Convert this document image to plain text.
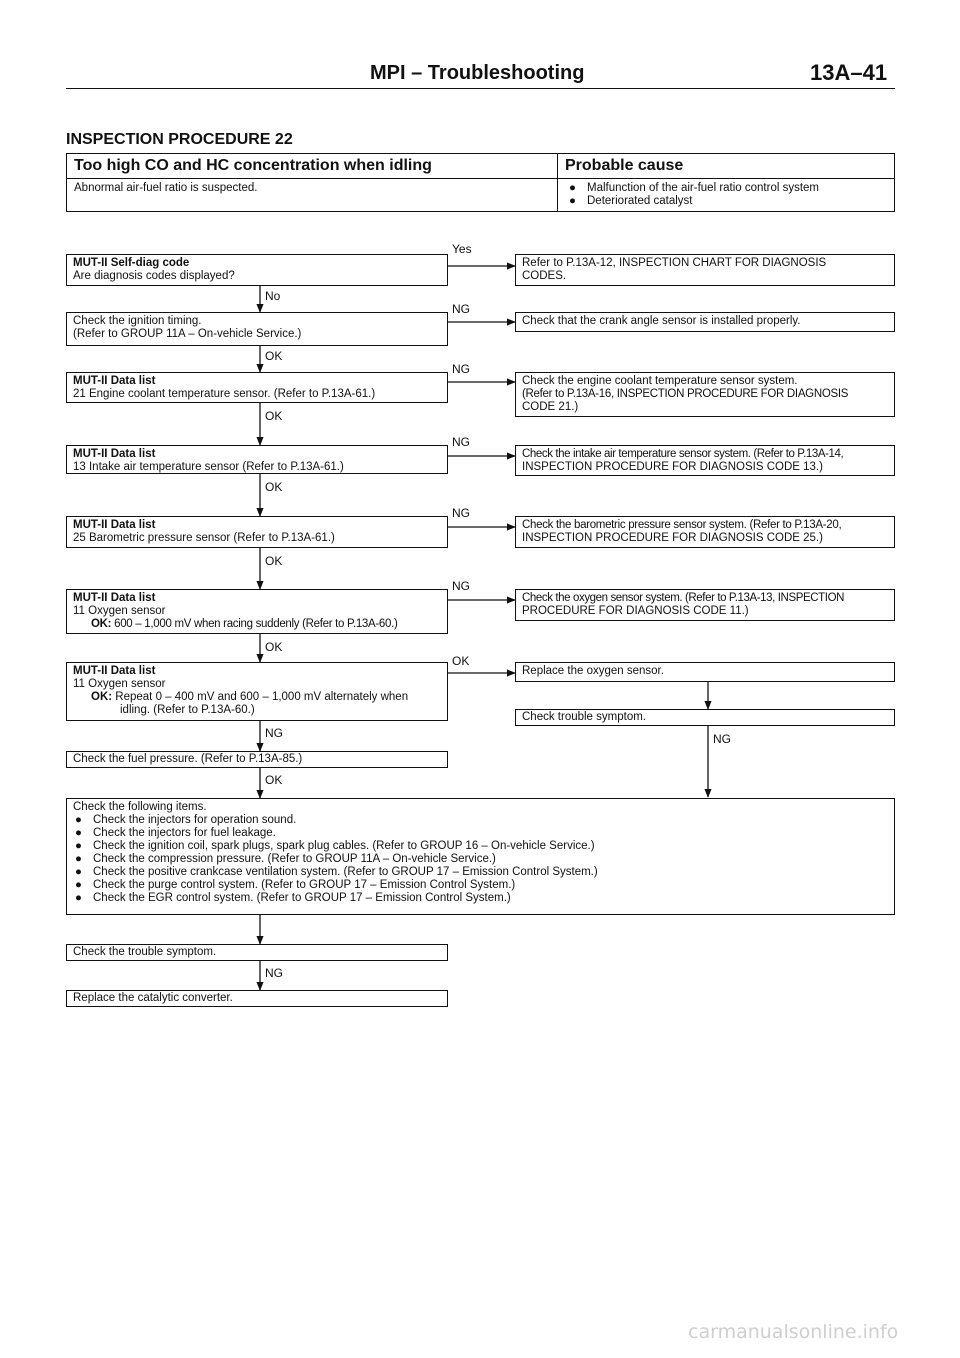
MPI – Troubleshooting	13A–41
INSPECTION PROCEDURE 22
Too high CO and HC concentration when idling	Probable cause
Abnormal air-fuel ratio is suspected.	● Malfunction of the air-fuel ratio control system
● Deteriorated catalyst
MUT-II Self-diag code
Are diagnosis codes displayed?
Yes
Refer to P.13A-12, INSPECTION CHART FOR DIAGNOSIS
CODES.
No
Check the ignition timing.
(Refer to GROUP 11A – On-vehicle Service.)
NG
Check that the crank angle sensor is installed properly.
OK
MUT-II Data list
21 Engine coolant temperature sensor. (Refer to P.13A-61.)
NG
Check the engine coolant temperature sensor system.
(Refer to P.13A-16, INSPECTION PROCEDURE FOR DIAGNOSIS
CODE 21.)
OK
MUT-II Data list
13 Intake air temperature sensor (Refer to P.13A-61.)
NG
Check the intake air temperature sensor system. (Refer to P.13A-14,
INSPECTION PROCEDURE FOR DIAGNOSIS CODE 13.)
OK
MUT-II Data list
25 Barometric pressure sensor (Refer to P.13A-61.)
NG
Check the barometric pressure sensor system. (Refer to P.13A-20,
INSPECTION PROCEDURE FOR DIAGNOSIS CODE 25.)
OK
MUT-II Data list
11 Oxygen sensor
OK: 600 – 1,000 mV when racing suddenly (Refer to P.13A-60.)
NG
Check the oxygen sensor system. (Refer to P.13A-13, INSPECTION
PROCEDURE FOR DIAGNOSIS CODE 11.)
OK
MUT-II Data list
11 Oxygen sensor
OK: Repeat 0 – 400 mV and 600 – 1,000 mV alternately when
idling. (Refer to P.13A-60.)
OK
Replace the oxygen sensor.
Check trouble symptom.
NG
NG
Check the fuel pressure. (Refer to P.13A-85.)
OK
Check the following items.
● Check the injectors for operation sound.
● Check the injectors for fuel leakage.
● Check the ignition coil, spark plugs, spark plug cables. (Refer to GROUP 16 – On-vehicle Service.)
● Check the compression pressure. (Refer to GROUP 11A – On-vehicle Service.)
● Check the positive crankcase ventilation system. (Refer to GROUP 17 – Emission Control System.)
● Check the purge control system. (Refer to GROUP 17 – Emission Control System.)
● Check the EGR control system. (Refer to GROUP 17 – Emission Control System.)
Check the trouble symptom.
NG
Replace the catalytic converter.
carmanualsonline.info
